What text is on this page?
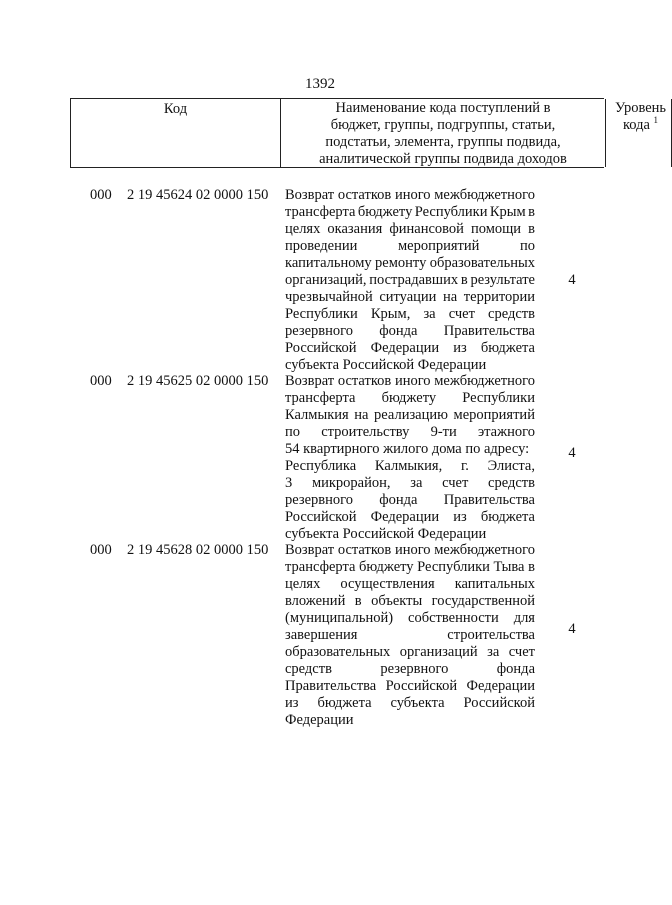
1392
Код	Наименование кода поступлений в
бюджет, группы, подгруппы, статьи,
подстатьи, элемента, группы подвида,
аналитической группы подвида доходов
Уровень
кода $^1$
000	2 19 45624 02 0000 150	Возврат остатков иного межбюджетного
трансферта бюджету Республики Крым в
целях оказания финансовой помощи в
проведении	мероприятий	по
капитальному ремонту образовательных
организаций, пострадавших в результате
чрезвычайной ситуации на территории
Республики Крым, за счет средств
резервного фонда Правительства
Российской Федерации из бюджета
субъекта Российской Федерации
4
000	2 19 45625 02 0000 150	Возврат остатков иного межбюджетного
трансферта бюджету Республики
Калмыкия на реализацию мероприятий
по строительству 9-ти этажного
54 квартирного жилого дома по адресу:
Республика Калмыкия, г. Элиста,
3 микрорайон, за счет средств
резервного фонда Правительства
Российской Федерации из бюджета
субъекта Российской Федерации
4
000	2 19 45628 02 0000 150	Возврат остатков иного межбюджетного
трансферта бюджету Республики Тыва в
целях осуществления капитальных
вложений в объекты государственной
(муниципальной) собственности для
завершения	строительства
образовательных организаций за счет
средств	резервного	фонда
Правительства Российской Федерации
из бюджета субъекта Российской
Федерации
4
